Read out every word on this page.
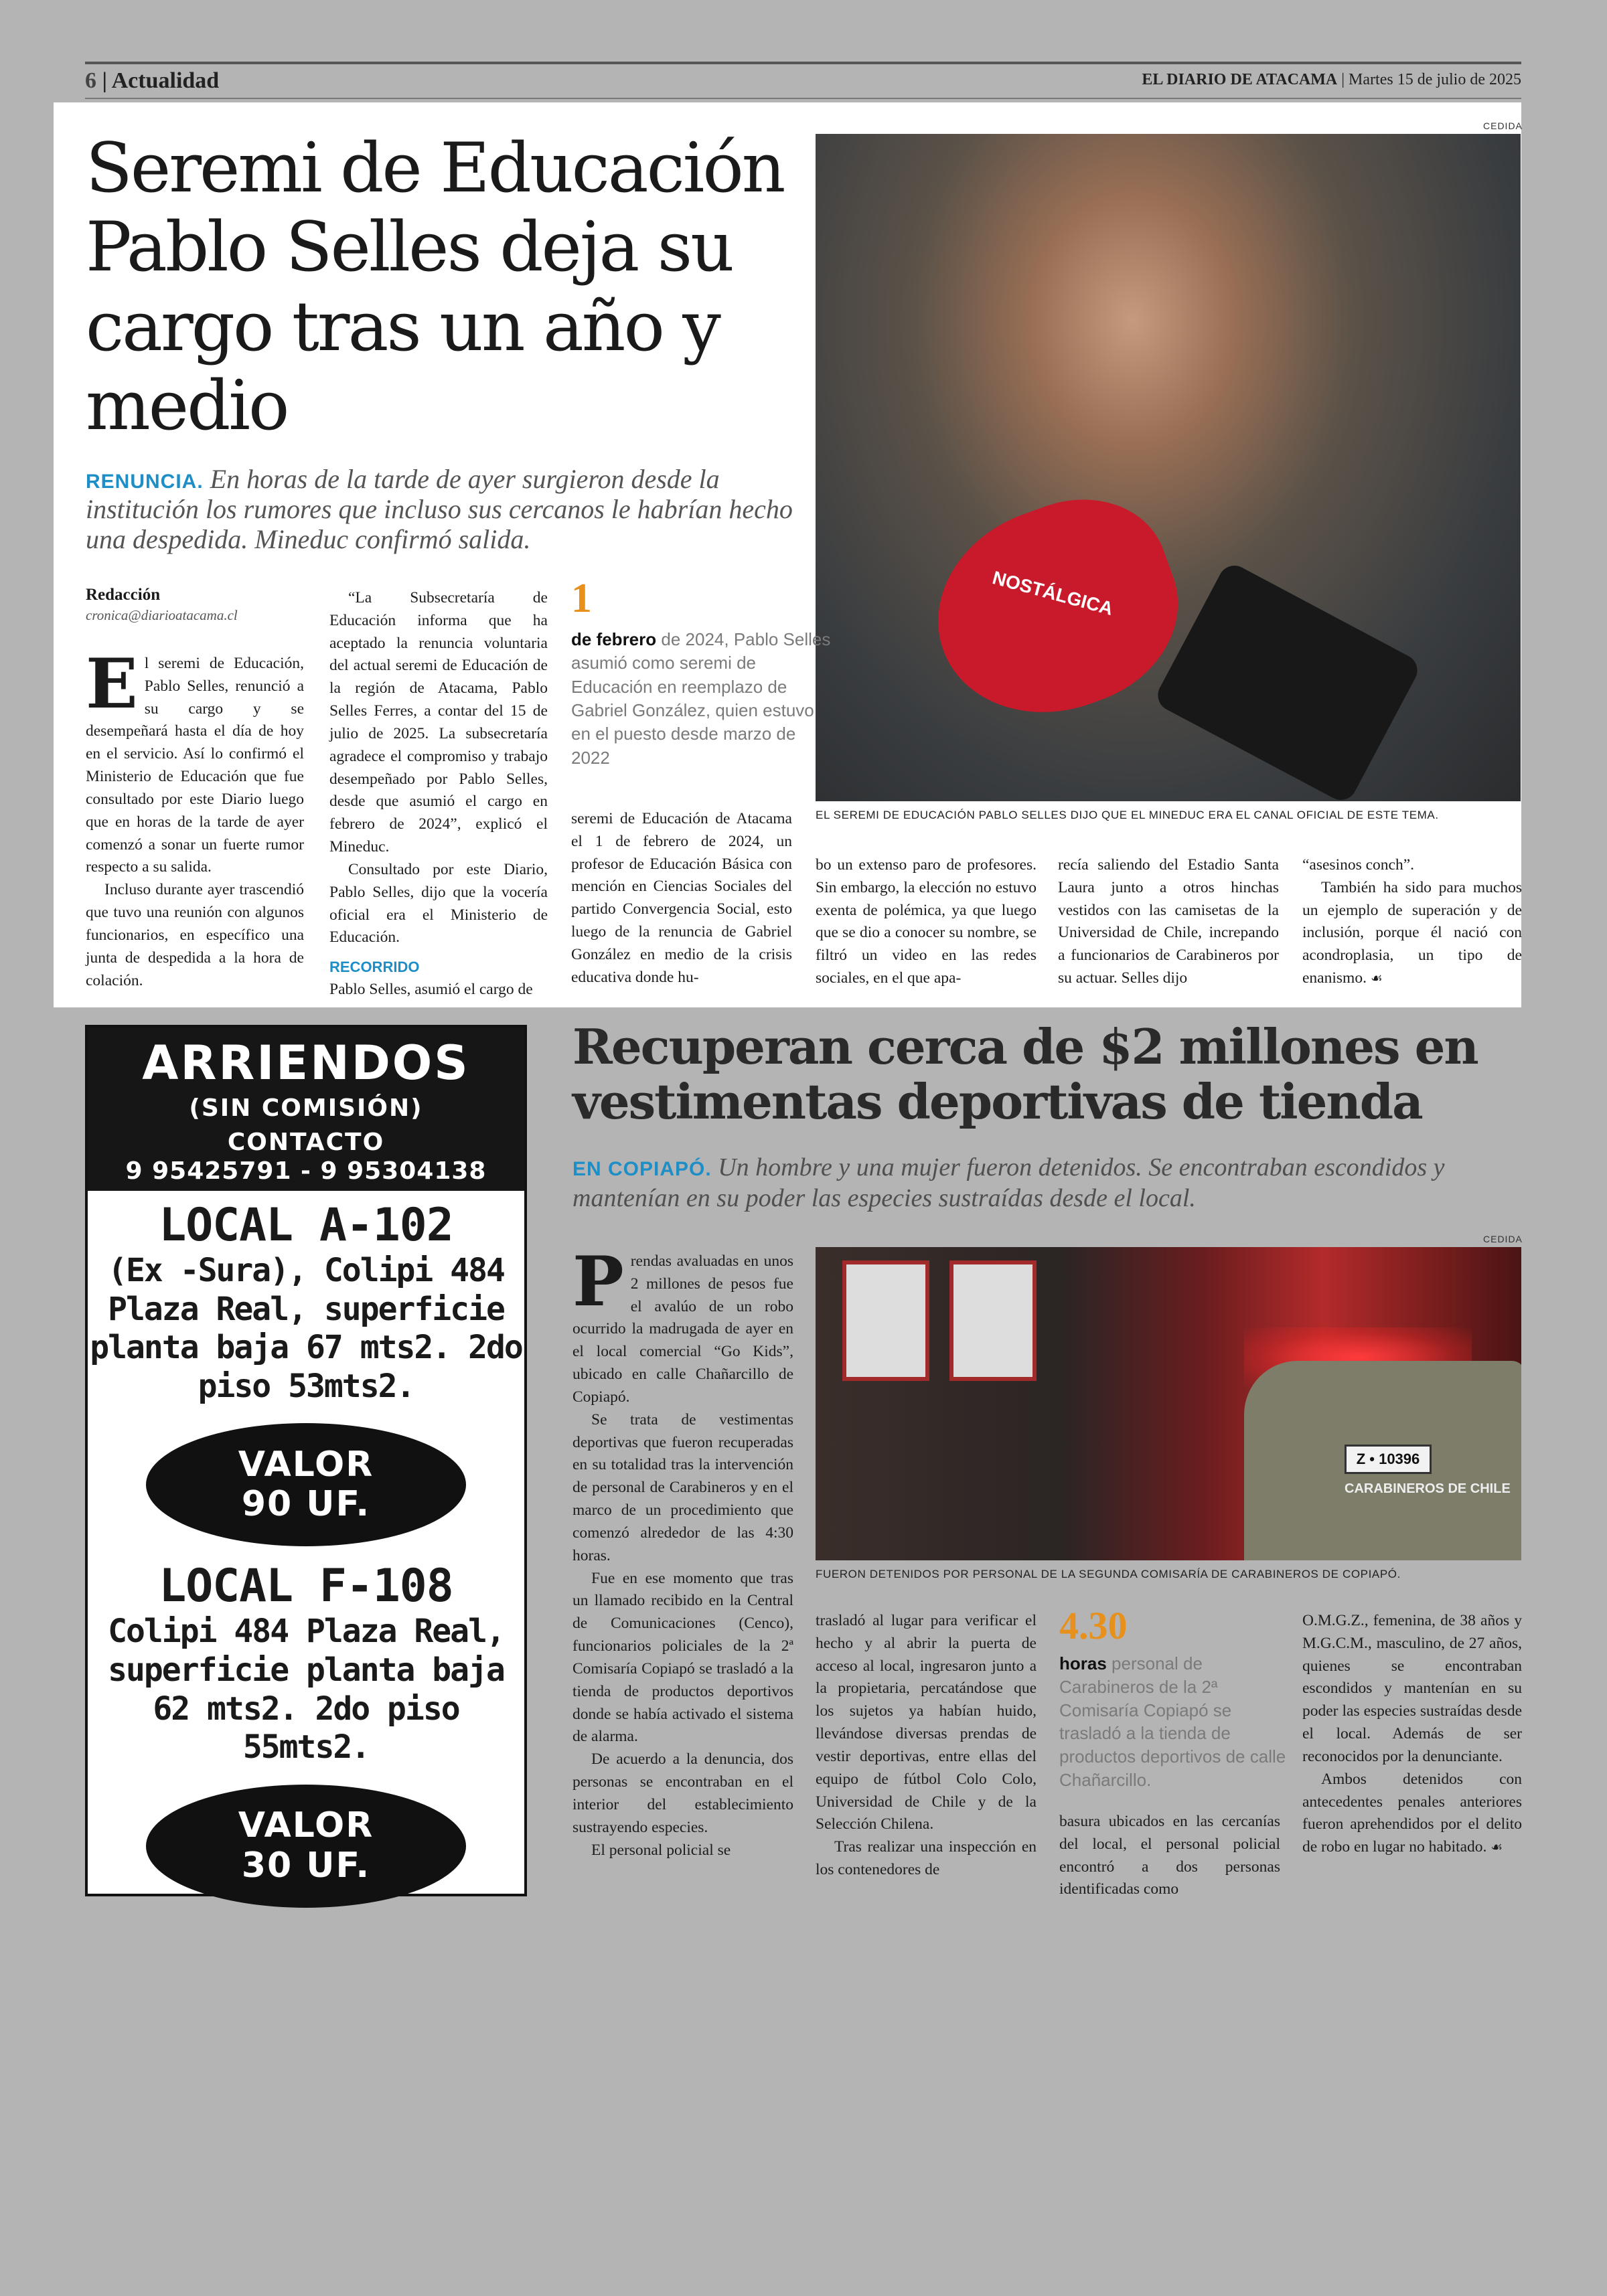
6 | Actualidad	EL DIARIO DE ATACAMA | Martes 15 de julio de 2025
Seremi de Educación Pablo Selles deja su cargo tras un año y medio
RENUNCIA. En horas de la tarde de ayer surgieron desde la institución los rumores que incluso sus cercanos le habrían hecho una despedida. Mineduc confirmó salida.
CEDIDA
NOSTÁLGICA
EL SEREMI DE EDUCACIÓN PABLO SELLES DIJO QUE EL MINEDUC ERA EL CANAL OFICIAL DE ESTE TEMA.
Redacción
cronica@diarioatacama.cl

El seremi de Educación, Pablo Selles, renunció a su cargo y se desempeñará hasta el día de hoy en el servicio. Así lo confirmó el Ministerio de Educación que fue consultado por este Diario luego que en horas de la tarde de ayer comenzó a sonar un fuerte rumor respecto a su salida.

Incluso durante ayer trascendió que tuvo una reunión con algunos funcionarios, en específico una junta de despedida a la hora de colación.

“La Subsecretaría de Educación informa que ha aceptado la renuncia voluntaria del actual seremi de Educación de la región de Atacama, Pablo Selles Ferres, a contar del 15 de julio de 2025. La subsecretaría agradece el compromiso y trabajo desempeñado por Pablo Selles, desde que asumió el cargo en febrero de 2024”, explicó el Mineduc.

Consultado por este Diario, Pablo Selles, dijo que la vocería oficial era el Ministerio de Educación.

RECORRIDO

Pablo Selles, asumió el cargo de

1
de febrero de 2024, Pablo Selles asumió como seremi de Educación en reemplazo de Gabriel González, quien estuvo en el puesto desde marzo de 2022

seremi de Educación de Atacama el 1 de febrero de 2024, un profesor de Educación Básica con mención en Ciencias Sociales del partido Convergencia Social, esto luego de la renuncia de Gabriel González en medio de la crisis educativa donde hu-

bo un extenso paro de profesores. Sin embargo, la elección no estuvo exenta de polémica, ya que luego que se dio a conocer su nombre, se filtró un video en las redes sociales, en el que apa-

recía saliendo del Estadio Santa Laura junto a otros hinchas vestidos con las camisetas de la Universidad de Chile, increpando a funcionarios de Carabineros por su actuar. Selles dijo

“asesinos conch”.

También ha sido para muchos un ejemplo de superación y de inclusión, porque él nació con acondroplasia, un tipo de enanismo. ☙

ARRIENDOS
(SIN COMISIÓN)
CONTACTO
9 95425791 - 9 95304138
LOCAL A-102
(Ex -Sura), Colipi 484 Plaza Real, superficie planta baja 67 mts2. 2do piso 53mts2.
VALOR
90 UF.
LOCAL F-108
Colipi 484 Plaza Real, superficie planta baja 62 mts2. 2do piso 55mts2.
VALOR
30 UF.
Recuperan cerca de $2 millones en vestimentas deportivas de tienda
EN COPIAPÓ. Un hombre y una mujer fueron detenidos. Se encontraban escondidos y mantenían en su poder las especies sustraídas desde el local.
CEDIDA
Z • 10396
CARABINEROS DE CHILE
FUERON DETENIDOS POR PERSONAL DE LA SEGUNDA COMISARÍA DE CARABINEROS DE COPIAPÓ.

Prendas avaluadas en unos 2 millones de pesos fue el avalúo de un robo ocurrido la madrugada de ayer en el local comercial “Go Kids”, ubicado en calle Chañarcillo de Copiapó.

Se trata de vestimentas deportivas que fueron recuperadas en su totalidad tras la intervención de personal de Carabineros y en el marco de un procedimiento que comenzó alrededor de las 4:30 horas.

Fue en ese momento que tras un llamado recibido en la Central de Comunicaciones (Cenco), funcionarios policiales de la 2ª Comisaría Copiapó se trasladó a la tienda de productos deportivos donde se había activado el sistema de alarma.

De acuerdo a la denuncia, dos personas se encontraban en el interior del establecimiento sustrayendo especies.

El personal policial se

trasladó al lugar para verificar el hecho y al abrir la puerta de acceso al local, ingresaron junto a la propietaria, percatándose que los sujetos ya habían huido, llevándose diversas prendas de vestir deportivas, entre ellas del equipo de fútbol Colo Colo, Universidad de Chile y de la Selección Chilena.

Tras realizar una inspección en los contenedores de

4.30
horas personal de Carabineros de la 2ª Comisaría Copiapó se trasladó a la tienda de productos deportivos de calle Chañarcillo.

basura ubicados en las cercanías del local, el personal policial encontró a dos personas identificadas como

O.M.G.Z., femenina, de 38 años y M.G.C.M., masculino, de 27 años, quienes se encontraban escondidos y mantenían en su poder las especies sustraídas desde el local. Además de ser reconocidos por la denunciante.

Ambos detenidos con antecedentes penales anteriores fueron aprehendidos por el delito de robo en lugar no habitado. ☙
